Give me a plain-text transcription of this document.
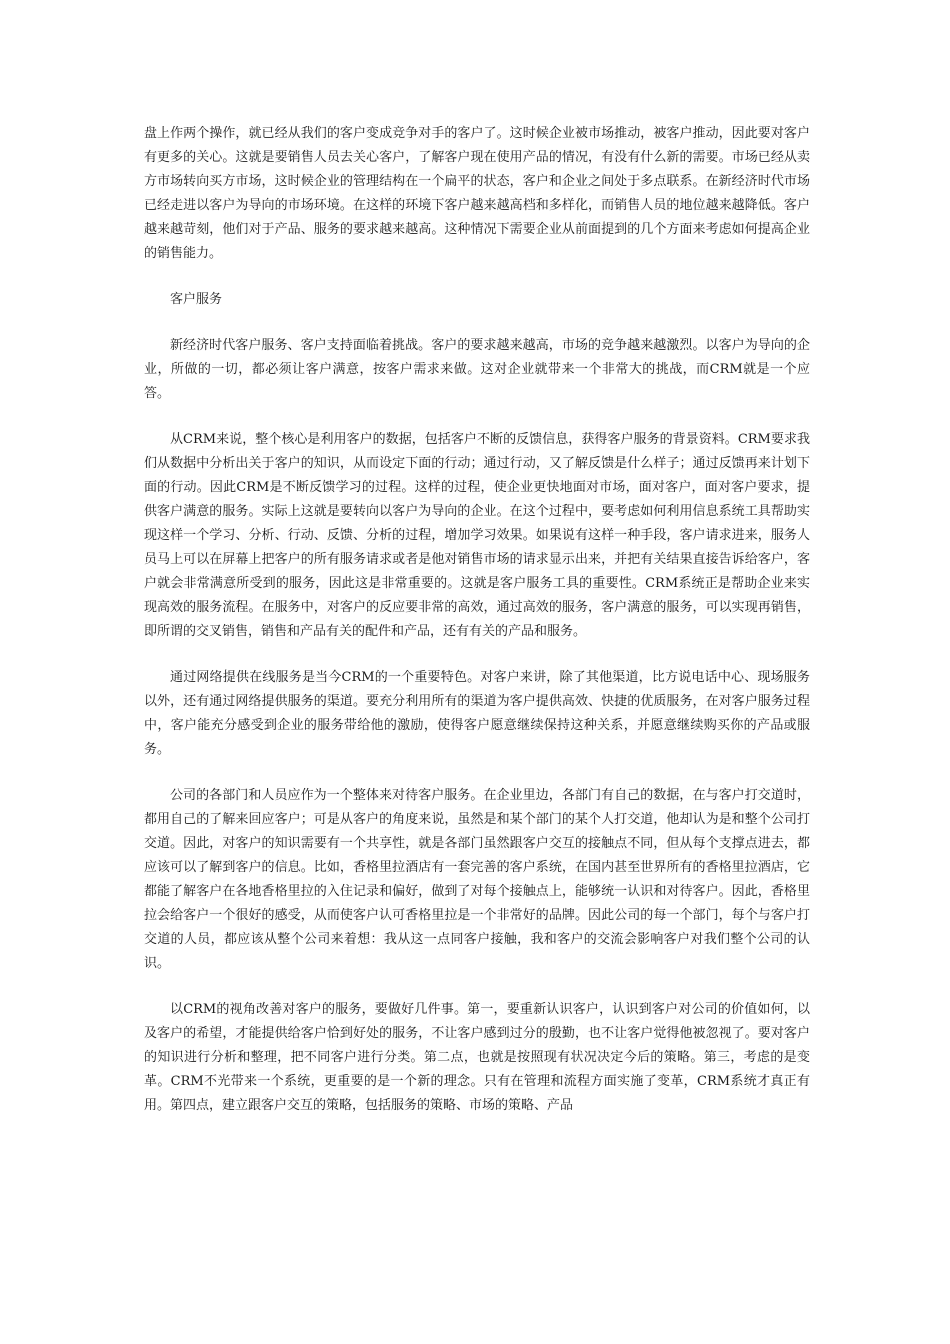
盘上作两个操作，就已经从我们的客户变成竞争对手的客户了。这时候企业被市场推动，被客户推动，因此要对客户有更多的关心。这就是要销售人员去关心客户，了解客户现在使用产品的情况，有没有什么新的需要。市场已经从卖方市场转向买方市场，这时候企业的管理结构在一个扁平的状态，客户和企业之间处于多点联系。在新经济时代市场已经走进以客户为导向的市场环境。在这样的环境下客户越来越高档和多样化，而销售人员的地位越来越降低。客户越来越苛刻，他们对于产品、服务的要求越来越高。这种情况下需要企业从前面提到的几个方面来考虑如何提高企业的销售能力。

客户服务

新经济时代客户服务、客户支持面临着挑战。客户的要求越来越高，市场的竞争越来越激烈。以客户为导向的企业，所做的一切，都必须让客户满意，按客户需求来做。这对企业就带来一个非常大的挑战，而CRM就是一个应答。

从CRM来说，整个核心是利用客户的数据，包括客户不断的反馈信息，获得客户服务的背景资料。CRM要求我们从数据中分析出关于客户的知识，从而设定下面的行动；通过行动，又了解反馈是什么样子；通过反馈再来计划下面的行动。因此CRM是不断反馈学习的过程。这样的过程，使企业更快地面对市场，面对客户，面对客户要求，提供客户满意的服务。实际上这就是要转向以客户为导向的企业。在这个过程中，要考虑如何利用信息系统工具帮助实现这样一个学习、分析、行动、反馈、分析的过程，增加学习效果。如果说有这样一种手段，客户请求进来，服务人员马上可以在屏幕上把客户的所有服务请求或者是他对销售市场的请求显示出来，并把有关结果直接告诉给客户，客户就会非常满意所受到的服务，因此这是非常重要的。这就是客户服务工具的重要性。CRM系统正是帮助企业来实现高效的服务流程。在服务中，对客户的反应要非常的高效，通过高效的服务，客户满意的服务，可以实现再销售，即所谓的交叉销售，销售和产品有关的配件和产品，还有有关的产品和服务。

通过网络提供在线服务是当今CRM的一个重要特色。对客户来讲，除了其他渠道，比方说电话中心、现场服务以外，还有通过网络提供服务的渠道。要充分利用所有的渠道为客户提供高效、快捷的优质服务，在对客户服务过程中，客户能充分感受到企业的服务带给他的激励，使得客户愿意继续保持这种关系，并愿意继续购买你的产品或服务。

公司的各部门和人员应作为一个整体来对待客户服务。在企业里边，各部门有自己的数据，在与客户打交道时，都用自己的了解来回应客户；可是从客户的角度来说，虽然是和某个部门的某个人打交道，他却认为是和整个公司打交道。因此，对客户的知识需要有一个共享性，就是各部门虽然跟客户交互的接触点不同，但从每个支撑点进去，都应该可以了解到客户的信息。比如，香格里拉酒店有一套完善的客户系统，在国内甚至世界所有的香格里拉酒店，它都能了解客户在各地香格里拉的入住记录和偏好，做到了对每个接触点上，能够统一认识和对待客户。因此，香格里拉会给客户一个很好的感受，从而使客户认可香格里拉是一个非常好的品牌。因此公司的每一个部门，每个与客户打交道的人员，都应该从整个公司来着想：我从这一点同客户接触，我和客户的交流会影响客户对我们整个公司的认识。

以CRM的视角改善对客户的服务，要做好几件事。第一，要重新认识客户，认识到客户对公司的价值如何，以及客户的希望，才能提供给客户恰到好处的服务，不让客户感到过分的殷勤，也不让客户觉得他被忽视了。要对客户的知识进行分析和整理，把不同客户进行分类。第二点，也就是按照现有状况决定今后的策略。第三，考虑的是变革。CRM不光带来一个系统，更重要的是一个新的理念。只有在管理和流程方面实施了变革，CRM系统才真正有用。第四点，建立跟客户交互的策略，包括服务的策略、市场的策略、产品
